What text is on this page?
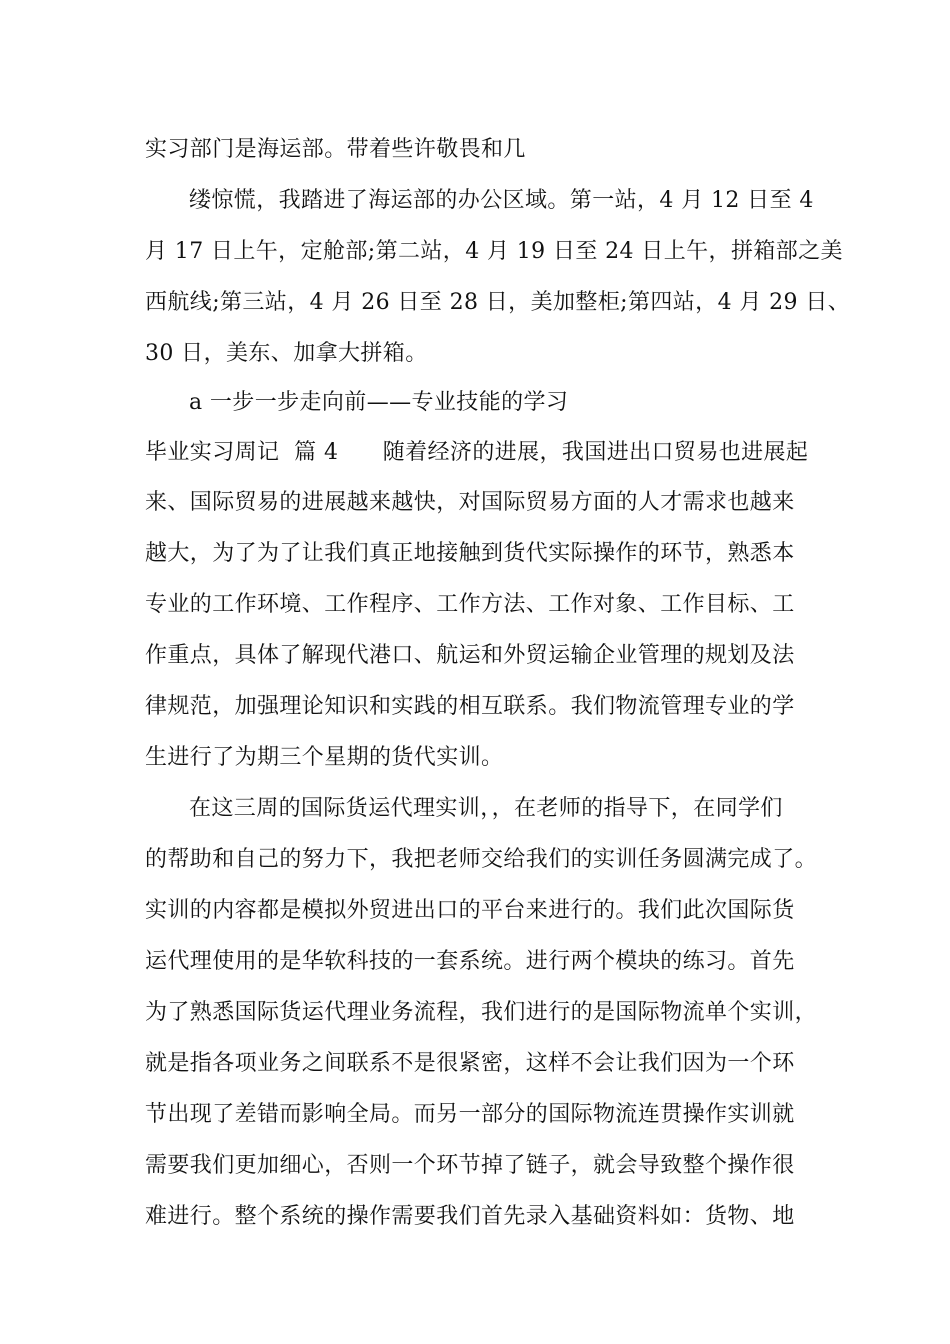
实习部门是海运部。带着些许敬畏和几
缕惊慌，我踏进了海运部的办公区域。第一站，4 月 12 日至 4
月 17 日上午，定舱部;第二站，4 月 19 日至 24 日上午，拼箱部之美
西航线;第三站，4 月 26 日至 28 日，美加整柜;第四站，4 月 29 日、
30 日，美东、加拿大拼箱。
a 一步一步走向前——专业技能的学习
毕业实习周记  篇 4      随着经济的进展，我国进出口贸易也进展起
来、国际贸易的进展越来越快，对国际贸易方面的人才需求也越来
越大，为了为了让我们真正地接触到货代实际操作的环节，熟悉本
专业的工作环境、工作程序、工作方法、工作对象、工作目标、工
作重点，具体了解现代港口、航运和外贸运输企业管理的规划及法
律规范，加强理论知识和实践的相互联系。我们物流管理专业的学
生进行了为期三个星期的货代实训。
在这三周的国际货运代理实训，，在老师的指导下，在同学们
的帮助和自己的努力下，我把老师交给我们的实训任务圆满完成了。
实训的内容都是模拟外贸进出口的平台来进行的。我们此次国际货
运代理使用的是华软科技的一套系统。进行两个模块的练习。首先
为了熟悉国际货运代理业务流程，我们进行的是国际物流单个实训，
就是指各项业务之间联系不是很紧密，这样不会让我们因为一个环
节出现了差错而影响全局。而另一部分的国际物流连贯操作实训就
需要我们更加细心，否则一个环节掉了链子，就会导致整个操作很
难进行。整个系统的操作需要我们首先录入基础资料如：货物、地
